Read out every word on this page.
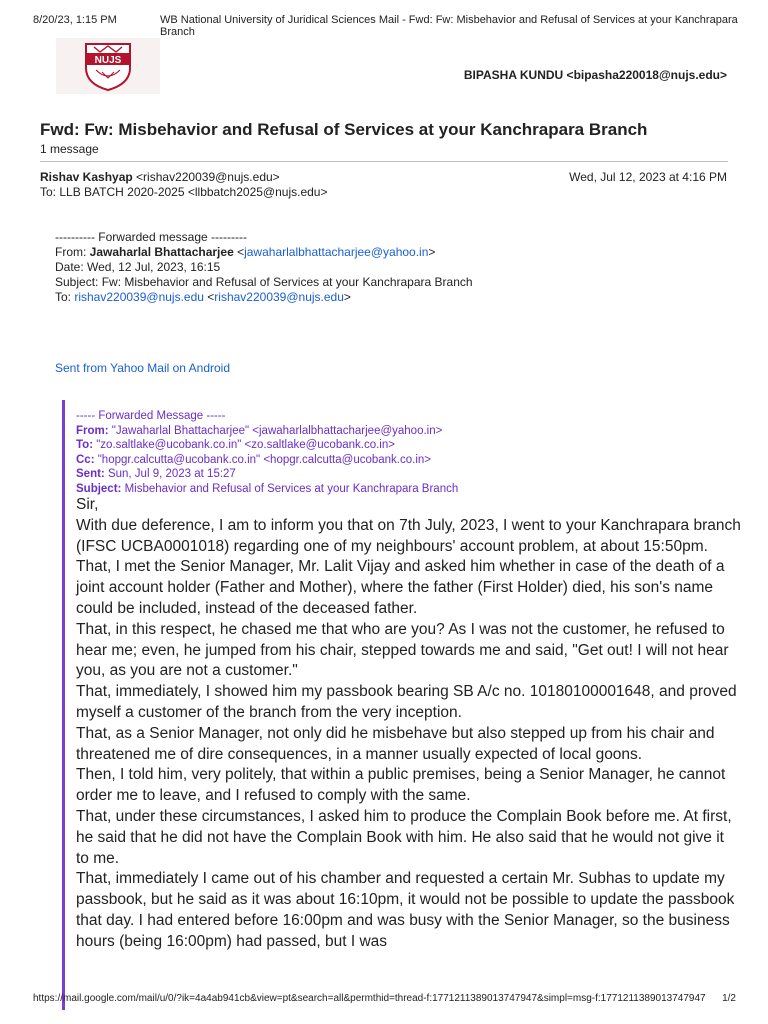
8/20/23, 1:15 PM	WB National University of Juridical Sciences Mail - Fwd: Fw: Misbehavior and Refusal of Services at your Kanchrapara Branch
NUJS
BIPASHA KUNDU <bipasha220018@nujs.edu>
Fwd: Fw: Misbehavior and Refusal of Services at your Kanchrapara Branch
1 message
Rishav Kashyap <rishav220039@nujs.edu>
To: LLB BATCH 2020-2025 <llbbatch2025@nujs.edu>
Wed, Jul 12, 2023 at 4:16 PM
---------- Forwarded message ---------
From: Jawaharlal Bhattacharjee <jawaharlalbhattacharjee@yahoo.in>
Date: Wed, 12 Jul, 2023, 16:15
Subject: Fw: Misbehavior and Refusal of Services at your Kanchrapara Branch
To: rishav220039@nujs.edu <rishav220039@nujs.edu>
Sent from Yahoo Mail on Android
----- Forwarded Message -----
From: "Jawaharlal Bhattacharjee" <jawaharlalbhattacharjee@yahoo.in>
To: "zo.saltlake@ucobank.co.in" <zo.saltlake@ucobank.co.in>
Cc: "hopgr.calcutta@ucobank.co.in" <hopgr.calcutta@ucobank.co.in>
Sent: Sun, Jul 9, 2023 at 15:27
Subject: Misbehavior and Refusal of Services at your Kanchrapara Branch

Sir,

With due deference, I am to inform you that on 7th July, 2023, I went to your Kanchrapara branch (IFSC UCBA0001018) regarding one of my neighbours' account problem, at about 15:50pm.

That, I met the Senior Manager, Mr. Lalit Vijay and asked him whether in case of the death of a joint account holder (Father and Mother), where the father (First Holder) died, his son's name could be included, instead of the deceased father.

That, in this respect, he chased me that who are you? As I was not the customer, he refused to hear me; even, he jumped from his chair, stepped towards me and said, "Get out! I will not hear you, as you are not a customer."

That, immediately, I showed him my passbook bearing SB A/c no. 10180100001648, and proved myself a customer of the branch from the very inception.

That, as a Senior Manager, not only did he misbehave but also stepped up from his chair and threatened me of dire consequences, in a manner usually expected of local goons.

Then, I told him, very politely, that within a public premises, being a Senior Manager, he cannot order me to leave, and I refused to comply with the same.

That, under these circumstances, I asked him to produce the Complain Book before me. At first, he said that he did not have the Complain Book with him. He also said that he would not give it to me.

That, immediately I came out of his chamber and requested a certain Mr. Subhas to update my passbook, but he said as it was about 16:10pm, it would not be possible to update the passbook that day. I had entered before 16:00pm and was busy with the Senior Manager, so the business hours (being 16:00pm) had passed, but I was

https://mail.google.com/mail/u/0/?ik=4a4ab941cb&view=pt&search=all&permthid=thread-f:1771211389013747947&simpl=msg-f:1771211389013747947 1/2
